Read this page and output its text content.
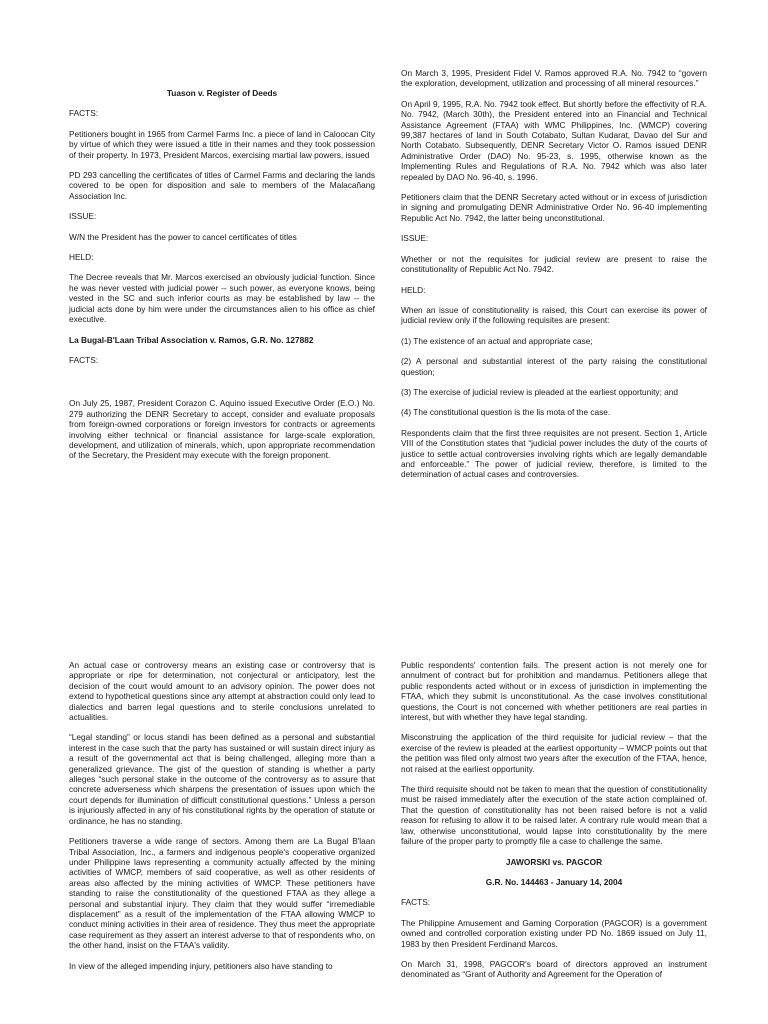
Tuason v. Register of Deeds

FACTS:

Petitioners bought in 1965 from Carmel Farms Inc. a piece of land in Caloocan City by virtue of which they were issued a title in their names and they took possession of their property. In 1973, President Marcos, exercising martial law powers, issued

PD 293 cancelling the certificates of titles of Carmel Farms and declaring the lands covered to be open for disposition and sale to members of the Malacañang Association Inc.

ISSUE:

W/N the President has the power to cancel certificates of titles

HELD:

The Decree reveals that Mr. Marcos exercised an obviously judicial function. Since he was never vested with judicial power -- such power, as everyone knows, being vested in the SC and such inferior courts as may be established by law -- the judicial acts done by him were under the circumstances alien to his office as chief executive.

La Bugal-B'Laan Tribal Association v. Ramos, G.R. No. 127882

FACTS:

On July 25, 1987, President Corazon C. Aquino issued Executive Order (E.O.) No. 279 authorizing the DENR Secretary to accept, consider and evaluate proposals from foreign-owned corporations or foreign investors for contracts or agreements involving either technical or financial assistance for large-scale exploration, development, and utilization of minerals, which, upon appropriate recommendation of the Secretary, the President may execute with the foreign proponent.

On March 3, 1995, President Fidel V. Ramos approved R.A. No. 7942 to “govern the exploration, development, utilization and processing of all mineral resources.”

On April 9, 1995, R.A. No. 7942 took effect. But shortly before the effectivity of R.A. No. 7942, (March 30th), the President entered into an Financial and Technical Assistance Agreement (FTAA) with WMC Philippines, Inc. (WMCP) covering 99,387 hectares of land in South Cotabato, Sultan Kudarat, Davao del Sur and North Cotabato. Subsequently, DENR Secretary Victor O. Ramos issued DENR Administrative Order (DAO) No. 95-23, s. 1995, otherwise known as the Implementing Rules and Regulations of R.A. No. 7942 which was also later repealed by DAO No. 96-40, s. 1996.

Petitioners claim that the DENR Secretary acted without or in excess of jurisdiction in signing and promulgating DENR Administrative Order No. 96-40 implementing Republic Act No. 7942, the latter being unconstitutional.

ISSUE:

Whether or not the requisites for judicial review are present to raise the constitutionality of Republic Act No. 7942.

HELD:

When an issue of constitutionality is raised, this Court can exercise its power of judicial review only if the following requisites are present:

(1) The existence of an actual and appropriate case;

(2) A personal and substantial interest of the party raising the constitutional question;

(3) The exercise of judicial review is pleaded at the earliest opportunity; and

(4) The constitutional question is the lis mota of the case.

Respondents claim that the first three requisites are not present. Section 1, Article VIII of the Constitution states that “judicial power includes the duty of the courts of justice to settle actual controversies involving rights which are legally demandable and enforceable.” The power of judicial review, therefore, is limited to the determination of actual cases and controversies.

An actual case or controversy means an existing case or controversy that is appropriate or ripe for determination, not conjectural or anticipatory, lest the decision of the court would amount to an advisory opinion. The power does not extend to hypothetical questions since any attempt at abstraction could only lead to dialectics and barren legal questions and to sterile conclusions unrelated to actualities.

“Legal standing” or locus standi has been defined as a personal and substantial interest in the case such that the party has sustained or will sustain direct injury as a result of the governmental act that is being challenged, alleging more than a generalized grievance. The gist of the question of standing is whether a party alleges “such personal stake in the outcome of the controversy as to assure that concrete adverseness which sharpens the presentation of issues upon which the court depends for illumination of difficult constitutional questions.” Unless a person is injuriously affected in any of his constitutional rights by the operation of statute or ordinance, he has no standing.

Petitioners traverse a wide range of sectors. Among them are La Bugal B'laan Tribal Association, Inc., a farmers and indigenous people's cooperative organized under Philippine laws representing a community actually affected by the mining activities of WMCP, members of said cooperative, as well as other residents of areas also affected by the mining activities of WMCP. These petitioners have standing to raise the constitutionality of the questioned FTAA as they allege a personal and substantial injury. They claim that they would suffer “irremediable displacement” as a result of the implementation of the FTAA allowing WMCP to conduct mining activities in their area of residence. They thus meet the appropriate case requirement as they assert an interest adverse to that of respondents who, on the other hand, insist on the FTAA's validity.

In view of the alleged impending injury, petitioners also have standing to

Public respondents' contention fails. The present action is not merely one for annulment of contract but for prohibition and mandamus. Petitioners allege that public respondents acted without or in excess of jurisdiction in implementing the FTAA, which they submit is unconstitutional. As the case involves constitutional questions, the Court is not concerned with whether petitioners are real parties in interest, but with whether they have legal standing.

Misconstruing the application of the third requisite for judicial review – that the exercise of the review is pleaded at the earliest opportunity – WMCP points out that the petition was filed only almost two years after the execution of the FTAA, hence, not raised at the earliest opportunity.

The third requisite should not be taken to mean that the question of constitutionality must be raised immediately after the execution of the state action complained of. That the question of constitutionality has not been raised before is not a valid reason for refusing to allow it to be raised later. A contrary rule would mean that a law, otherwise unconstitutional, would lapse into constitutionality by the mere failure of the proper party to promptly file a case to challenge the same.

JAWORSKI vs. PAGCOR

G.R. No. 144463 - January 14, 2004

FACTS:

The Philippine Amusement and Gaming Corporation (PAGCOR) is a government owned and controlled corporation existing under PD No. 1869 issued on July 11, 1983 by then President Ferdinand Marcos.

On March 31, 1998, PAGCOR's board of directors approved an instrument denominated as “Grant of Authority and Agreement for the Operation of
